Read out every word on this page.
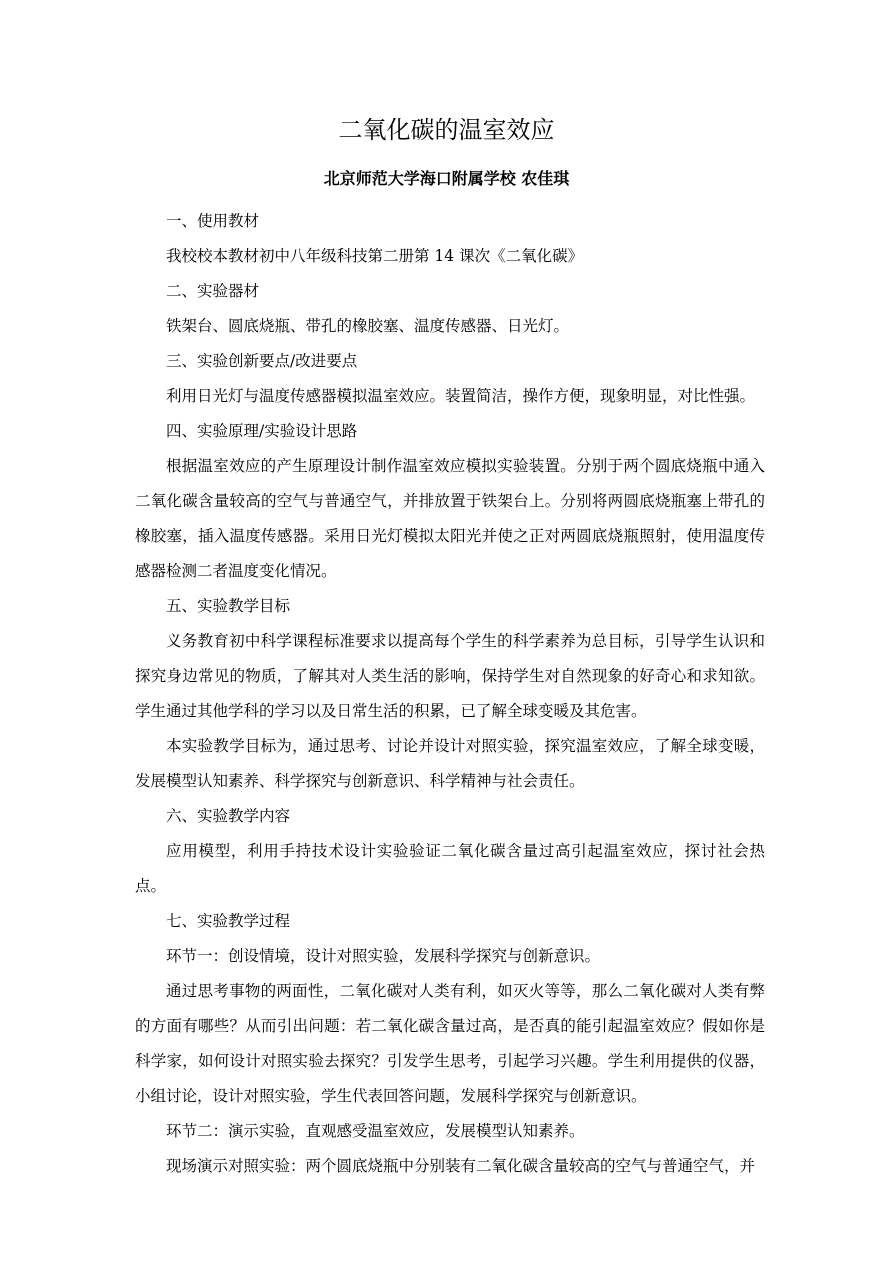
二氧化碳的温室效应
北京师范大学海口附属学校 农佳琪

一、使用教材

我校校本教材初中八年级科技第二册第 14 课次《二氧化碳》

二、实验器材

铁架台、圆底烧瓶、带孔的橡胶塞、温度传感器、日光灯。

三、实验创新要点/改进要点

利用日光灯与温度传感器模拟温室效应。装置简洁，操作方便，现象明显，对比性强。

四、实验原理/实验设计思路

根据温室效应的产生原理设计制作温室效应模拟实验装置。分别于两个圆底烧瓶中通入二氧化碳含量较高的空气与普通空气，并排放置于铁架台上。分别将两圆底烧瓶塞上带孔的橡胶塞，插入温度传感器。采用日光灯模拟太阳光并使之正对两圆底烧瓶照射，使用温度传感器检测二者温度变化情况。

五、实验教学目标

义务教育初中科学课程标准要求以提高每个学生的科学素养为总目标，引导学生认识和探究身边常见的物质，了解其对人类生活的影响，保持学生对自然现象的好奇心和求知欲。学生通过其他学科的学习以及日常生活的积累，已了解全球变暖及其危害。

本实验教学目标为，通过思考、讨论并设计对照实验，探究温室效应，了解全球变暖，发展模型认知素养、科学探究与创新意识、科学精神与社会责任。

六、实验教学内容

应用模型，利用手持技术设计实验验证二氧化碳含量过高引起温室效应，探讨社会热点。

七、实验教学过程

环节一：创设情境，设计对照实验，发展科学探究与创新意识。

通过思考事物的两面性，二氧化碳对人类有利，如灭火等等，那么二氧化碳对人类有弊的方面有哪些？从而引出问题：若二氧化碳含量过高，是否真的能引起温室效应？假如你是科学家，如何设计对照实验去探究？引发学生思考，引起学习兴趣。学生利用提供的仪器，小组讨论，设计对照实验，学生代表回答问题，发展科学探究与创新意识。

环节二：演示实验，直观感受温室效应，发展模型认知素养。

现场演示对照实验：两个圆底烧瓶中分别装有二氧化碳含量较高的空气与普通空气，并
